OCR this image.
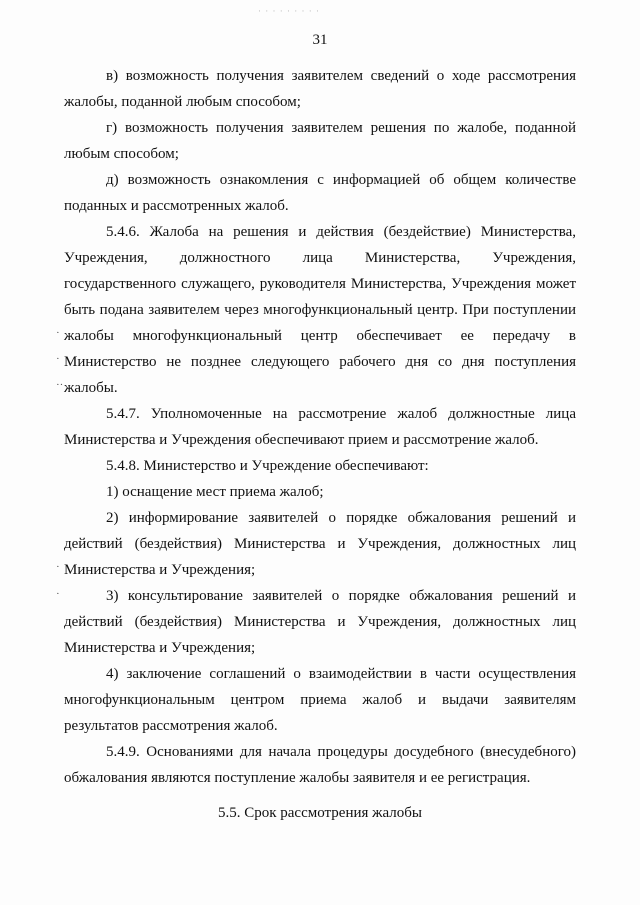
· · · · · · · · ·
31

в) возможность получения заявителем сведений о ходе рассмотрения жалобы, поданной любым способом;

г) возможность получения заявителем решения по жалобе, поданной любым способом;

д) возможность ознакомления с информацией об общем количестве поданных и рассмотренных жалоб.

5.4.6. Жалоба на решения и действия (бездействие) Министерства, Учреждения, должностного лица Министерства, Учреждения, государственного служащего, руководителя Министерства, Учреждения может быть подана заявителем через многофункциональный центр. При поступлении жалобы многофункциональный центр обеспечивает ее передачу в Министерство не позднее следующего рабочего дня со дня поступления жалобы.

5.4.7. Уполномоченные на рассмотрение жалоб должностные лица Министерства и Учреждения обеспечивают прием и рассмотрение жалоб.

5.4.8. Министерство и Учреждение обеспечивают:

1) оснащение мест приема жалоб;

2) информирование заявителей о порядке обжалования решений и действий (бездействия) Министерства и Учреждения, должностных лиц Министерства и Учреждения;

3) консультирование заявителей о порядке обжалования решений и действий (бездействия) Министерства и Учреждения, должностных лиц Министерства и Учреждения;

4) заключение соглашений о взаимодействии в части осуществления многофункциональным центром приема жалоб и выдачи заявителям результатов рассмотрения жалоб.

5.4.9. Основаниями для начала процедуры досудебного (внесудебного) обжалования являются поступление жалобы заявителя и ее регистрация.

5.5. Срок рассмотрения жалобы
·
·
··
·
·
